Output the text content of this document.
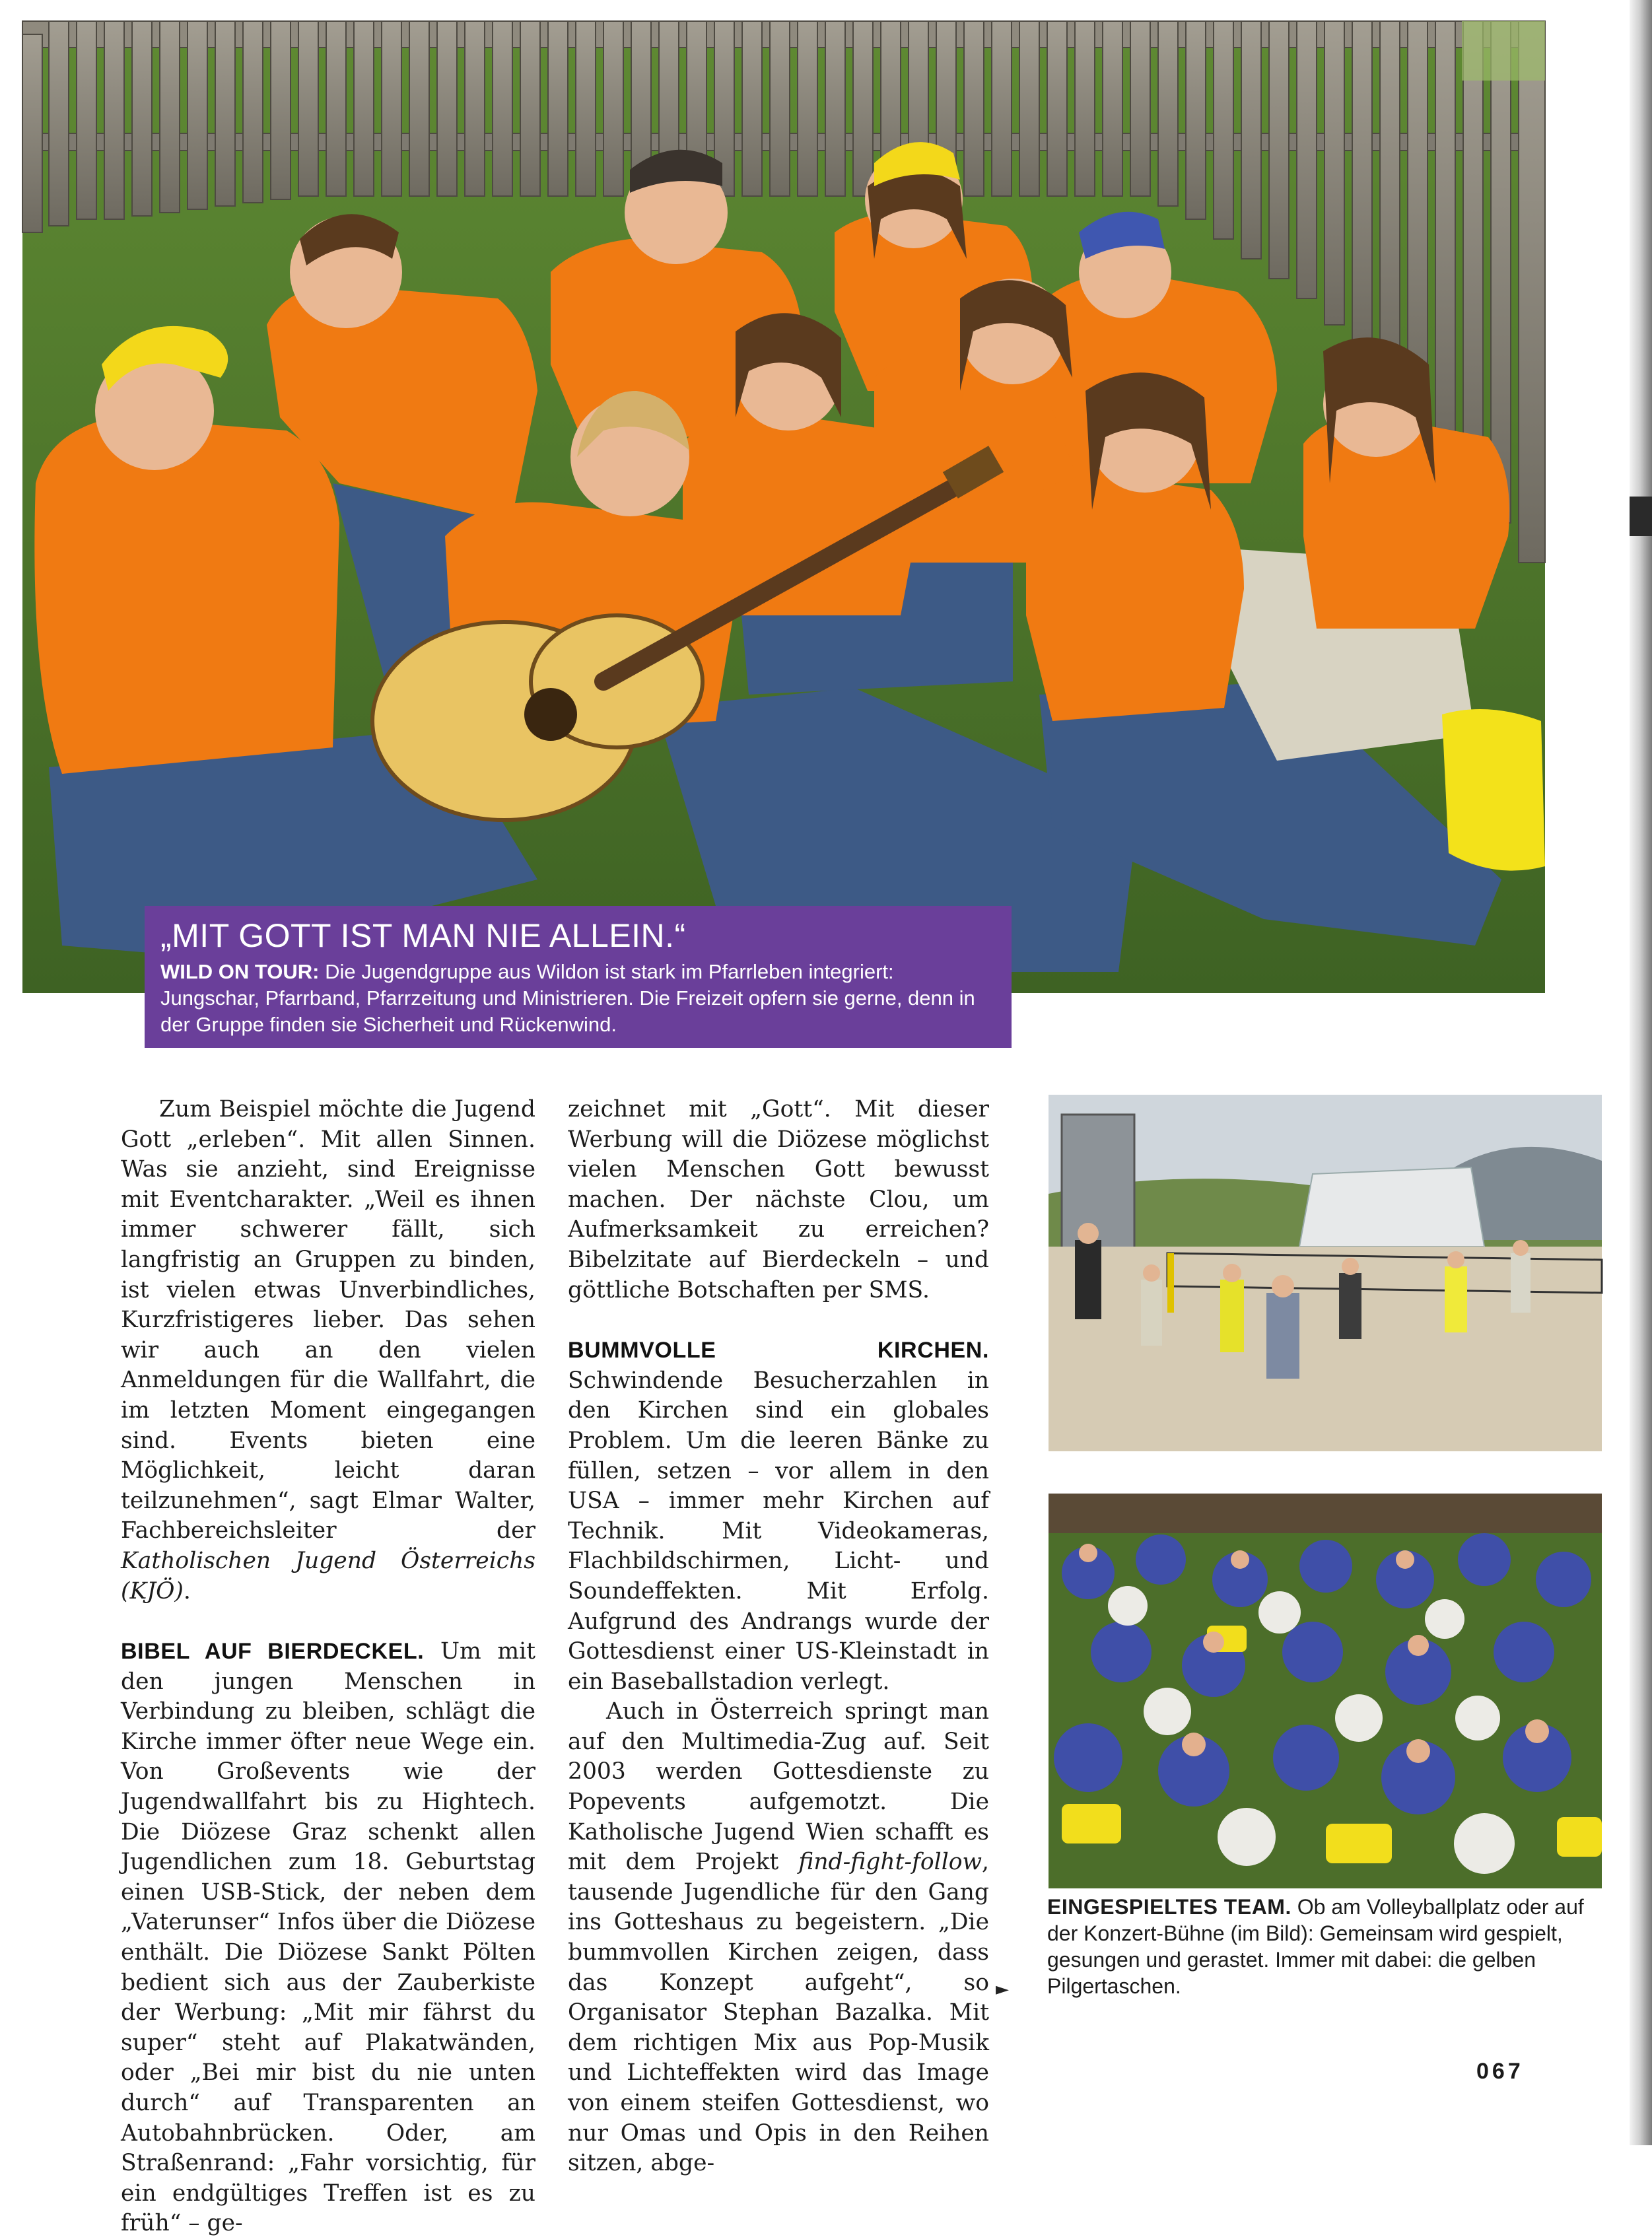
„MIT GOTT IST MAN NIE ALLEIN.“
WILD ON TOUR: Die Jugendgruppe aus Wildon ist stark im Pfarrleben integriert: Jungschar, Pfarrband, Pfarrzeitung und Ministrieren. Die Freizeit opfern sie gerne, denn in der Gruppe finden sie Sicherheit und Rückenwind.

Zum Beispiel möchte die Jugend Gott „erleben“. Mit allen Sinnen. Was sie anzieht, sind Ereignisse mit Eventcharakter. „Weil es ihnen immer schwerer fällt, sich langfristig an Gruppen zu binden, ist vielen etwas Unverbindliches, Kurzfristigeres lieber. Das sehen wir auch an den vielen Anmeldungen für die Wallfahrt, die im letzten Moment eingegangen sind. Events bieten eine Möglichkeit, leicht daran teilzunehmen“, sagt Elmar Walter, Fachbereichsleiter der Katholischen Jugend Österreichs (KJÖ).

BIBEL AUF BIERDECKEL. Um mit den jungen Menschen in Verbindung zu bleiben, schlägt die Kirche immer öfter neue Wege ein. Von Großevents wie der Jugendwallfahrt bis zu Hightech. Die Diözese Graz schenkt allen Jugendlichen zum 18. Geburtstag einen USB-Stick, der neben dem „Vaterunser“ Infos über die Diözese enthält. Die Diözese Sankt Pölten bedient sich aus der Zauberkiste der Werbung: „Mit mir fährst du super“ steht auf Plakatwänden, oder „Bei mir bist du nie unten durch“ auf Transparenten an Autobahnbrücken. Oder, am Straßenrand: „Fahr vorsichtig, für ein endgültiges Treffen ist es zu früh“ – ge-

zeichnet mit „Gott“. Mit dieser Werbung will die Diözese möglichst vielen Menschen Gott bewusst machen. Der nächste Clou, um Aufmerksamkeit zu erreichen? Bibelzitate auf Bierdeckeln – und göttliche Botschaften per SMS.

BUMMVOLLE KIRCHEN. Schwindende Besucherzahlen in den Kirchen sind ein globales Problem. Um die leeren Bänke zu füllen, setzen – vor allem in den USA – immer mehr Kirchen auf Technik. Mit Videokameras, Flachbildschirmen, Licht- und Soundeffekten. Mit Erfolg. Aufgrund des Andrangs wurde der Gottesdienst einer US-Kleinstadt in ein Baseballstadion verlegt.

Auch in Österreich springt man auf den Multimedia-Zug auf. Seit 2003 werden Gottesdienste zu Popevents aufgemotzt. Die Katholische Jugend Wien schafft es mit dem Projekt find-fight-follow, tausende Jugendliche für den Gang ins Gotteshaus zu begeistern. „Die bummvollen Kirchen zeigen, dass das Konzept aufgeht“, so Organisator Stephan Bazalka. Mit dem richtigen Mix aus Pop-Musik und Lichteffekten wird das Image von einem steifen Gottesdienst, wo nur Omas und Opis in den Reihen sitzen, abge-

►
EINGESPIELTES TEAM. Ob am Volleyballplatz oder auf der Konzert-Bühne (im Bild): Gemeinsam wird gespielt, gesungen und gerastet. Immer mit dabei: die gelben Pilgertaschen.
067
